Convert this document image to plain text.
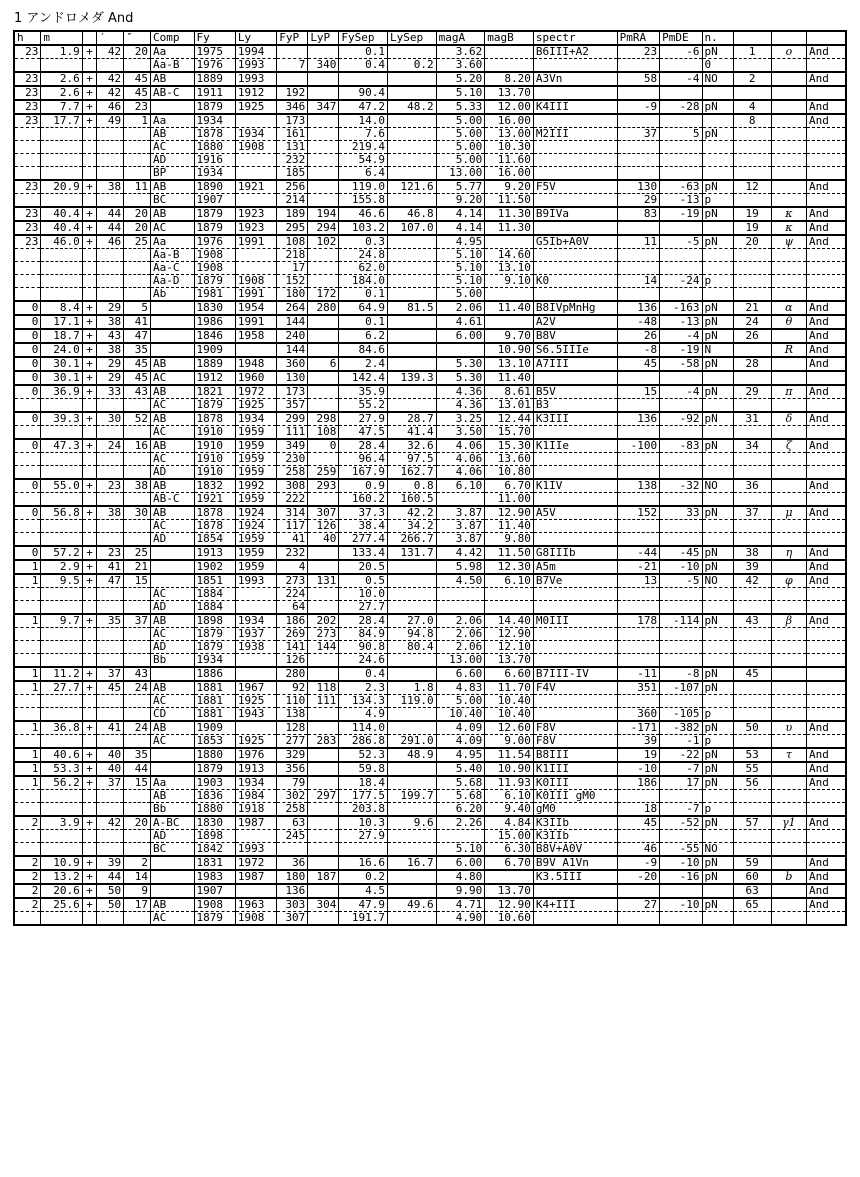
1 アンドロメダ And
h	m		′	″	Comp	Fy	Ly	FyP	LyP	FySep	LySep	magA	magB	spectr	PmRA	PmDE	n.			
23	1.9	+	42	20	Aa	1975	1994			0.1		3.62		B6III+A2	23	-6	pN	1	ο	And
					Aa-B	1976	1993	7	340	0.4	0.2	3.60					0			
23	2.6	+	42	45	AB	1889	1993					5.20	8.20	A3Vn	58	-4	NO	2		And
23	2.6	+	42	45	AB-C	1911	1912	192		90.4		5.10	13.70							
23	7.7	+	46	23		1879	1925	346	347	47.2	48.2	5.33	12.00	K4III	-9	-28	pN	4		And
23	17.7	+	49	1	Aa	1934		173		14.0		5.00	16.00					8		And
					AB	1878	1934	161		7.6		5.00	13.00	M2III	37	5	pN			
					AC	1880	1908	131		219.4		5.00	10.30							
					AD	1916		232		54.9		5.00	11.60							
					BP	1934		185		6.4		13.00	16.00							
23	20.9	+	38	11	AB	1890	1921	256		119.0	121.6	5.77	9.20	F5V	130	-63	pN	12		And
					BC	1907		214		155.8		9.20	11.50		29	-13	p			
23	40.4	+	44	20	AB	1879	1923	189	194	46.6	46.8	4.14	11.30	B9IVa	83	-19	pN	19	κ	And
23	40.4	+	44	20	AC	1879	1923	295	294	103.2	107.0	4.14	11.30					19	κ	And
23	46.0	+	46	25	Aa	1976	1991	108	102	0.3		4.95		G5Ib+A0V	11	-5	pN	20	ψ	And
					Aa-B	1908		218		24.8		5.10	14.60							
					Aa-C	1908		17		62.0		5.10	13.10							
					Aa-D	1879	1908	152		184.0		5.10	9.10	K0	14	-24	p			
					Ab	1981	1991	180	172	0.1		5.00								
0	8.4	+	29	5		1830	1954	264	280	64.9	81.5	2.06	11.40	B8IVpMnHg	136	-163	pN	21	α	And
0	17.1	+	38	41		1986	1991	144		0.1		4.61		A2V	-48	-13	pN	24	θ	And
0	18.7	+	43	47		1846	1958	240		6.2		6.00	9.70	B8V	26	-4	pN	26		And
0	24.0	+	38	35		1909		144		84.6			10.90	S6.5IIIe	-8	-19	N		R	And
0	30.1	+	29	45	AB	1889	1948	360	6	2.4		5.30	13.10	A7III	45	-58	pN	28		And
0	30.1	+	29	45	AC	1912	1960	130		142.4	139.3	5.30	11.40							
0	36.9	+	33	43	AB	1821	1972	173		35.9		4.36	8.61	B5V	15	-4	pN	29	π	And
					AC	1879	1925	357		55.2		4.36	13.01	B3						
0	39.3	+	30	52	AB	1878	1934	299	298	27.9	28.7	3.25	12.44	K3III	136	-92	pN	31	δ	And
					AC	1910	1959	111	108	47.5	41.4	3.50	15.70							
0	47.3	+	24	16	AB	1910	1959	349	0	28.4	32.6	4.06	15.30	K1IIe	-100	-83	pN	34	ζ	And
					AC	1910	1959	230		96.4	97.5	4.06	13.60							
					AD	1910	1959	258	259	167.9	162.7	4.06	10.80							
0	55.0	+	23	38	AB	1832	1992	308	293	0.9	0.8	6.10	6.70	K1IV	138	-32	NO	36		And
					AB-C	1921	1959	222		160.2	160.5		11.00							
0	56.8	+	38	30	AB	1878	1924	314	307	37.3	42.2	3.87	12.90	A5V	152	33	pN	37	μ	And
					AC	1878	1924	117	126	38.4	34.2	3.87	11.40							
					AD	1854	1959	41	40	277.4	266.7	3.87	9.80							
0	57.2	+	23	25		1913	1959	232		133.4	131.7	4.42	11.50	G8IIIb	-44	-45	pN	38	η	And
1	2.9	+	41	21		1902	1959	4		20.5		5.98	12.30	A5m	-21	-10	pN	39		And
1	9.5	+	47	15		1851	1993	273	131	0.5		4.50	6.10	B7Ve	13	-5	NO	42	φ	And
					AC	1884		224		10.0										
					AD	1884		64		27.7										
1	9.7	+	35	37	AB	1898	1934	186	202	28.4	27.0	2.06	14.40	M0III	178	-114	pN	43	β	And
					AC	1879	1937	269	273	84.9	94.8	2.06	12.90							
					AD	1879	1938	141	144	90.8	80.4	2.06	12.10							
					Bb	1934		126		24.6		13.00	13.70							
1	11.2	+	37	43		1886		280		0.4		6.60	6.60	B7III-IV	-11	-8	pN	45		
1	27.7	+	45	24	AB	1881	1967	92	118	2.3	1.8	4.83	11.70	F4V	351	-107	pN			
					AC	1881	1925	110	111	134.3	119.0	5.00	10.40							
					CD	1881	1943	138		4.9		10.40	10.40		360	-105	p			
1	36.8	+	41	24	AB	1909		128		114.0		4.09	12.60	F8V	-171	-382	pN	50	υ	And
					AC	1853	1925	277	283	286.8	291.0	4.09	9.00	F8V	39	-1	p			
1	40.6	+	40	35		1880	1976	329		52.3	48.9	4.95	11.54	B8III	19	-22	pN	53	τ	And
1	53.3	+	40	44		1879	1913	356		59.8		5.40	10.90	K1III	-10	-7	pN	55		And
1	56.2	+	37	15	Aa	1903	1934	79		18.4		5.68	11.93	K0III	186	17	pN	56		And
					AB	1836	1984	302	297	177.5	199.7	5.68	6.10	K0III gM0						
					Bb	1880	1918	258		203.8		6.20	9.40	gM0	18	-7	p			
2	3.9	+	42	20	A-BC	1830	1987	63		10.3	9.6	2.26	4.84	K3IIb	45	-52	pN	57	γ1	And
					AD	1898		245		27.9			15.00	K3IIb						
					BC	1842	1993					5.10	6.30	B8V+A0V	46	-55	NO			
2	10.9	+	39	2		1831	1972	36		16.6	16.7	6.00	6.70	B9V A1Vn	-9	-10	pN	59		And
2	13.2	+	44	14		1983	1987	180	187	0.2		4.80		K3.5III	-20	-16	pN	60	b	And
2	20.6	+	50	9		1907		136		4.5		9.90	13.70					63		And
2	25.6	+	50	17	AB	1908	1963	303	304	47.9	49.6	4.71	12.90	K4+III	27	-10	pN	65		And
					AC	1879	1908	307		191.7		4.90	10.60							
